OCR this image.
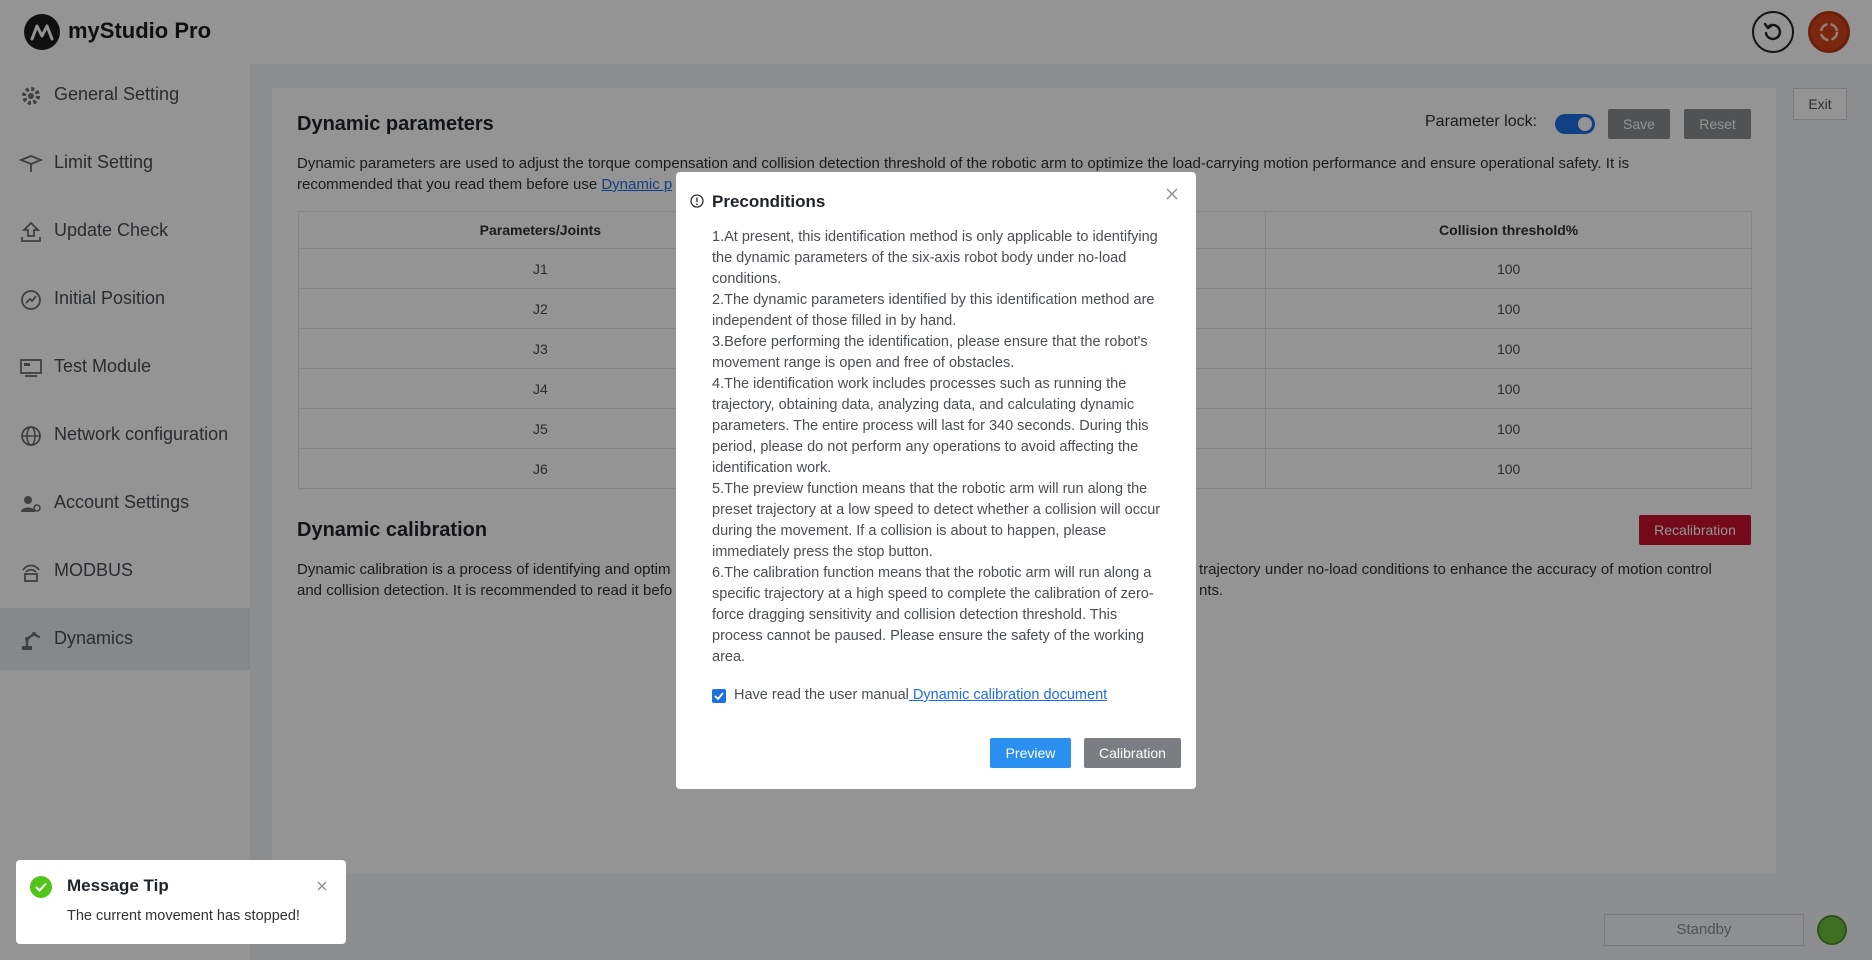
myStudio Pro
General Setting
Limit Setting
Update Check
Initial Position
Test Module
Network configuration
Account Settings
MODBUS
Dynamics
Exit
Dynamic parameters	Parameter lock:	Save	Reset
Dynamic parameters are used to adjust the torque compensation and collision detection threshold of the robotic arm to optimize the load-carrying motion performance and ensure operational safety. It is
recommended that you read them before use Dynamic p
Parameters/Joints		Collision threshold%
J1		100
J2		100
J3		100
J4		100
J5		100
J6		100
Dynamic calibration	Recalibration
Dynamic calibration is a process of identifying and optim
and collision detection. It is recommended to read it befo
trajectory under no-load conditions to enhance the accuracy of motion control
nts.
Standby
Preconditions

1.At present, this identification method is only applicable to identifying the dynamic parameters of the six-axis robot body under no-load conditions.

2.The dynamic parameters identified by this identification method are independent of those filled in by hand.

3.Before performing the identification, please ensure that the robot's movement range is open and free of obstacles.

4.The identification work includes processes such as running the trajectory, obtaining data, analyzing data, and calculating dynamic parameters. The entire process will last for 340 seconds. During this period, please do not perform any operations to avoid affecting the identification work.

5.The preview function means that the robotic arm will run along the preset trajectory at a low speed to detect whether a collision will occur during the movement. If a collision is about to happen, please immediately press the stop button.

6.The calibration function means that the robotic arm will run along a specific trajectory at a high speed to complete the calibration of zero-force dragging sensitivity and collision detection threshold. This process cannot be paused. Please ensure the safety of the working area.

Have read the user manual Dynamic calibration document
Preview	Calibration
Message Tip
The current movement has stopped!
